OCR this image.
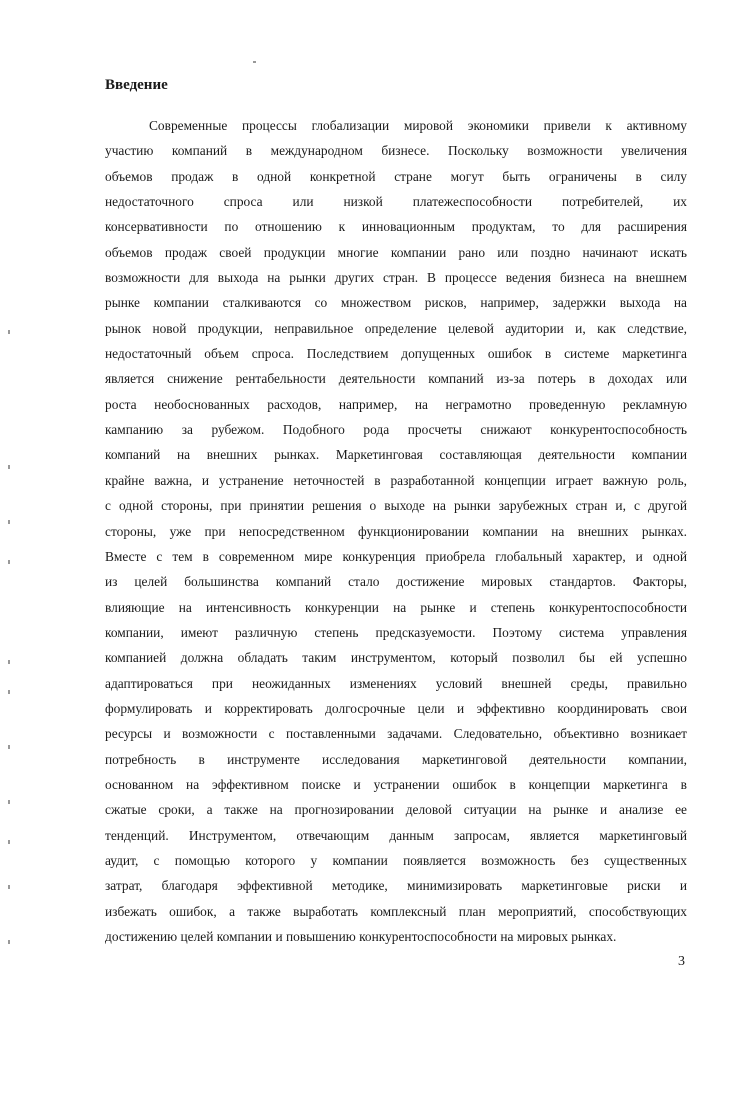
Введение
Современные процессы глобализации мировой экономики привели к активному
участию компаний в международном бизнесе. Поскольку возможности увеличения
объемов продаж в одной конкретной стране могут быть ограничены в силу
недостаточного спроса или низкой платежеспособности потребителей, их
консервативности по отношению к инновационным продуктам, то для расширения
объемов продаж своей продукции многие компании рано или поздно начинают искать
возможности для выхода на рынки других стран. В процессе ведения бизнеса на внешнем
рынке компании сталкиваются со множеством рисков, например, задержки выхода на
рынок новой продукции, неправильное определение целевой аудитории и, как следствие,
недостаточный объем спроса. Последствием допущенных ошибок в системе маркетинга
является снижение рентабельности деятельности компаний из-за потерь в доходах или
роста необоснованных расходов, например, на неграмотно проведенную рекламную
кампанию за рубежом. Подобного рода просчеты снижают конкурентоспособность
компаний на внешних рынках. Маркетинговая составляющая деятельности компании
крайне важна, и устранение неточностей в разработанной концепции играет важную роль,
с одной стороны, при принятии решения о выходе на рынки зарубежных стран и, с другой
стороны, уже при непосредственном функционировании компании на внешних рынках.
Вместе с тем в современном мире конкуренция приобрела глобальный характер, и одной
из целей большинства компаний стало достижение мировых стандартов. Факторы,
влияющие на интенсивность конкуренции на рынке и степень конкурентоспособности
компании, имеют различную степень предсказуемости. Поэтому система управления
компанией должна обладать таким инструментом, который позволил бы ей успешно
адаптироваться при неожиданных изменениях условий внешней среды, правильно
формулировать и корректировать долгосрочные цели и эффективно координировать свои
ресурсы и возможности с поставленными задачами. Следовательно, объективно возникает
потребность в инструменте исследования маркетинговой деятельности компании,
основанном на эффективном поиске и устранении ошибок в концепции маркетинга в
сжатые сроки, а также на прогнозировании деловой ситуации на рынке и анализе ее
тенденций. Инструментом, отвечающим данным запросам, является маркетинговый
аудит, с помощью которого у компании появляется возможность без существенных
затрат, благодаря эффективной методике, минимизировать маркетинговые риски и
избежать ошибок, а также выработать комплексный план мероприятий, способствующих
достижению целей компании и повышению конкурентоспособности на мировых рынках.
3
